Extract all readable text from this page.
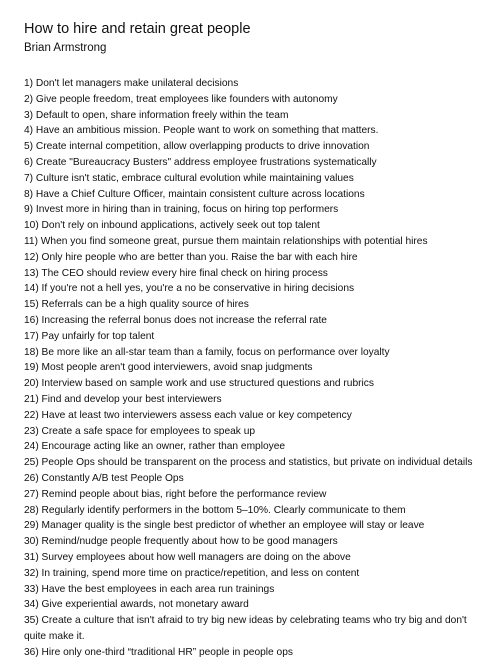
How to hire and retain great people
Brian Armstrong
1) Don't let managers make unilateral decisions
2) Give people freedom, treat employees like founders with autonomy
3) Default to open, share information freely within the team
4) Have an ambitious mission. People want to work on something that matters.
5) Create internal competition, allow overlapping products to drive innovation
6) Create "Bureaucracy Busters" address employee frustrations systematically
7) Culture isn't static, embrace cultural evolution while maintaining values
8) Have a Chief Culture Officer, maintain consistent culture across locations
9) Invest more in hiring than in training, focus on hiring top performers
10) Don't rely on inbound applications, actively seek out top talent
11) When you find someone great, pursue them maintain relationships with potential hires
12) Only hire people who are better than you. Raise the bar with each hire
13) The CEO should review every hire final check on hiring process
14) If you're not a hell yes, you're a no be conservative in hiring decisions
15) Referrals can be a high quality source of hires
16) Increasing the referral bonus does not increase the referral rate
17) Pay unfairly for top talent
18) Be more like an all-star team than a family, focus on performance over loyalty
19) Most people aren't good interviewers, avoid snap judgments
20) Interview based on sample work and use structured questions and rubrics
21) Find and develop your best interviewers
22) Have at least two interviewers assess each value or key competency
23) Create a safe space for employees to speak up
24) Encourage acting like an owner, rather than employee
25) People Ops should be transparent on the process and statistics, but private on individual details
26) Constantly A/B test People Ops
27) Remind people about bias, right before the performance review
28) Regularly identify performers in the bottom 5–10%. Clearly communicate to them
29) Manager quality is the single best predictor of whether an employee will stay or leave
30) Remind/nudge people frequently about how to be good managers
31) Survey employees about how well managers are doing on the above
32) In training, spend more time on practice/repetition, and less on content
33) Have the best employees in each area run trainings
34) Give experiential awards, not monetary award
35) Create a culture that isn't afraid to try big new ideas by celebrating teams who try big and don't quite make it.
36) Hire only one-third “traditional HR” people in people ops
